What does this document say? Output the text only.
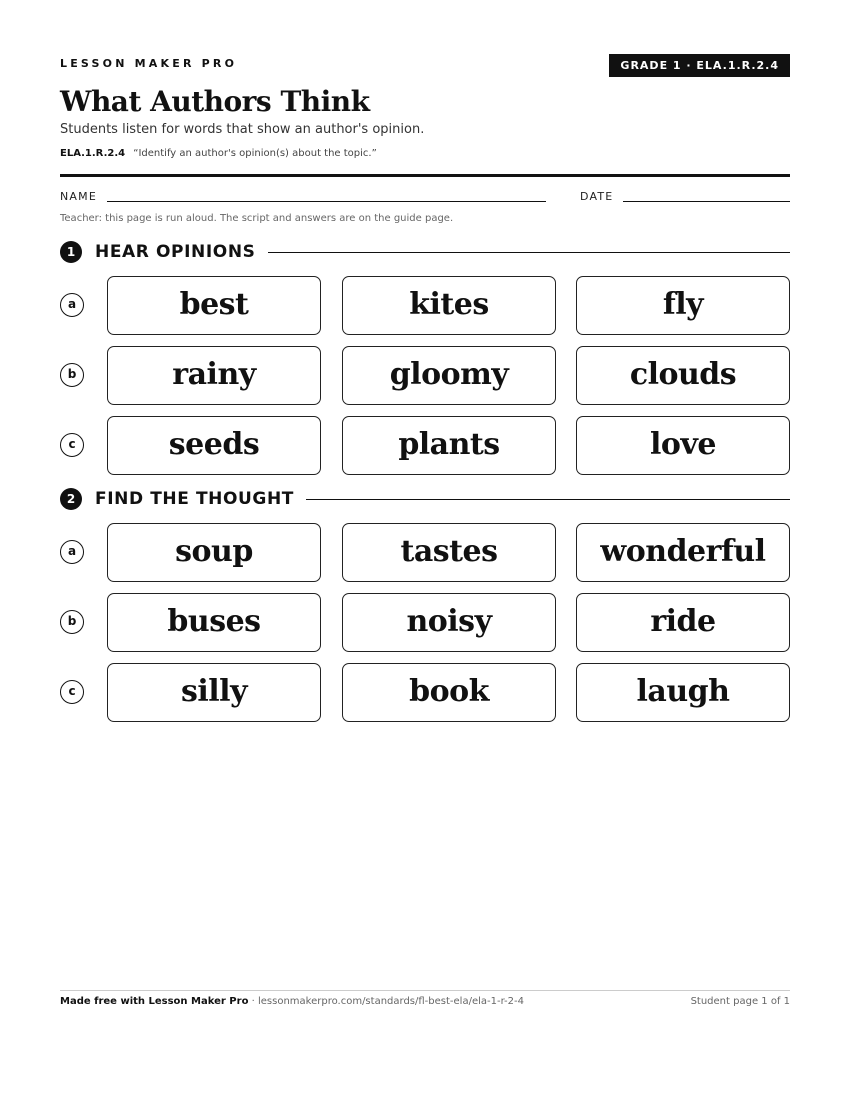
LESSON MAKER PRO	GRADE 1 · ELA.1.R.2.4
What Authors Think
Students listen for words that show an author's opinion.
ELA.1.R.2.4 “Identify an author's opinion(s) about the topic.”
NAME	DATE
Teacher: this page is run aloud. The script and answers are on the guide page.
1	HEAR OPINIONS
a	best	kites	fly
b	rainy	gloomy	clouds
c	seeds	plants	love
2	FIND THE THOUGHT
a	soup	tastes	wonderful
b	buses	noisy	ride
c	silly	book	laugh
Made free with Lesson Maker Pro · lessonmakerpro.com/standards/fl-best-ela/ela-1-r-2-4	Student page 1 of 1
